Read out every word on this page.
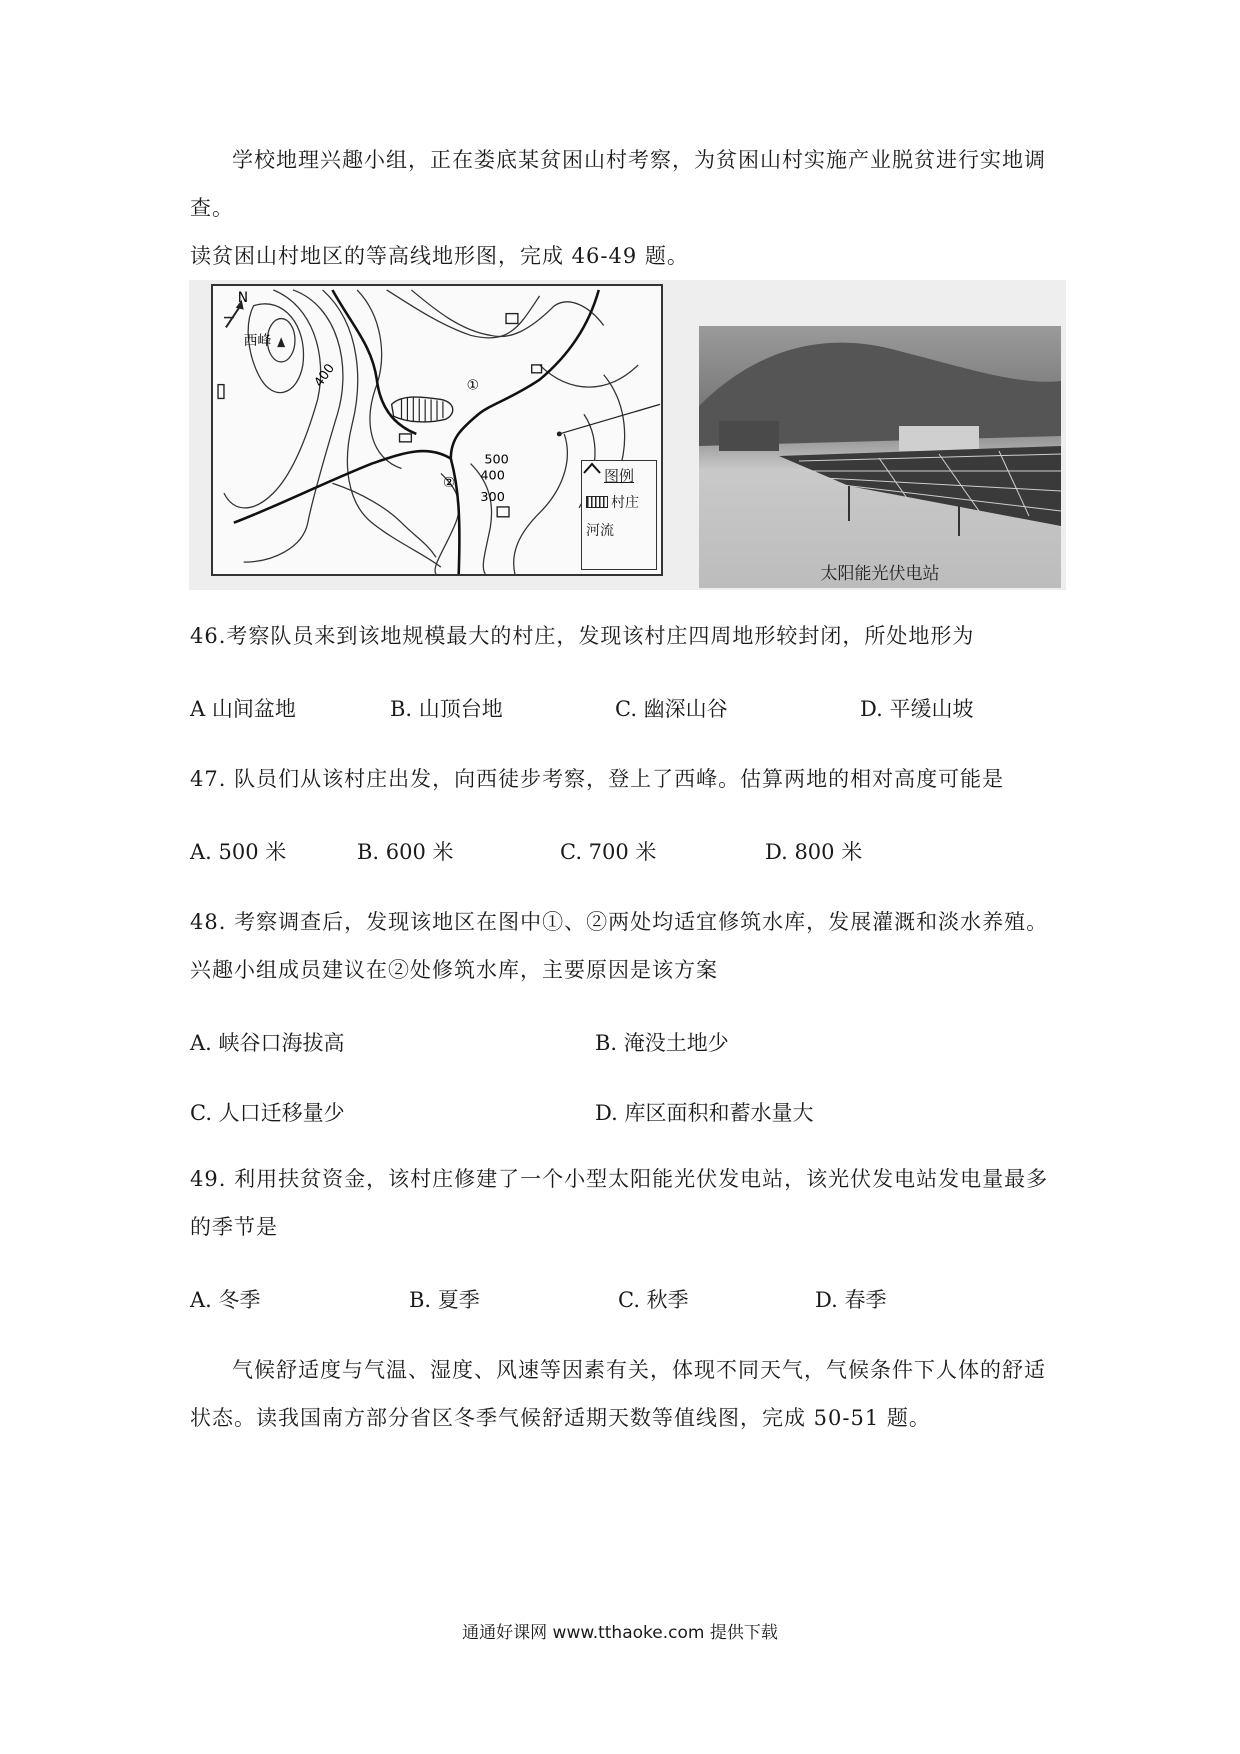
学校地理兴趣小组，正在娄底某贫困山村考察，为贫困山村实施产业脱贫进行实地调查。
读贫困山村地区的等高线地形图，完成 46-49 题。

N
西峰
400
500
400
300
①
②	图例
村庄
河流
太阳能光伏电站

46.考察队员来到该地规模最大的村庄，发现该村庄四周地形较封闭，所处地形为

A 山间盆地	B. 山顶台地	C. 幽深山谷	D. 平缓山坡

47. 队员们从该村庄出发，向西徒步考察，登上了西峰。估算两地的相对高度可能是

A. 500 米	B. 600 米	C. 700 米	D. 800 米

48. 考察调查后，发现该地区在图中①、②两处均适宜修筑水库，发展灌溉和淡水养殖。兴趣小组成员建议在②处修筑水库，主要原因是该方案

A. 峡谷口海拔高	B. 淹没土地少
C. 人口迁移量少	D. 库区面积和蓄水量大

49. 利用扶贫资金，该村庄修建了一个小型太阳能光伏发电站，该光伏发电站发电量最多的季节是

A. 冬季	B. 夏季	C. 秋季	D. 春季

气候舒适度与气温、湿度、风速等因素有关，体现不同天气，气候条件下人体的舒适
状态。读我国南方部分省区冬季气候舒适期天数等值线图，完成 50-51 题。

通通好课网 www.tthaoke.com 提供下载
